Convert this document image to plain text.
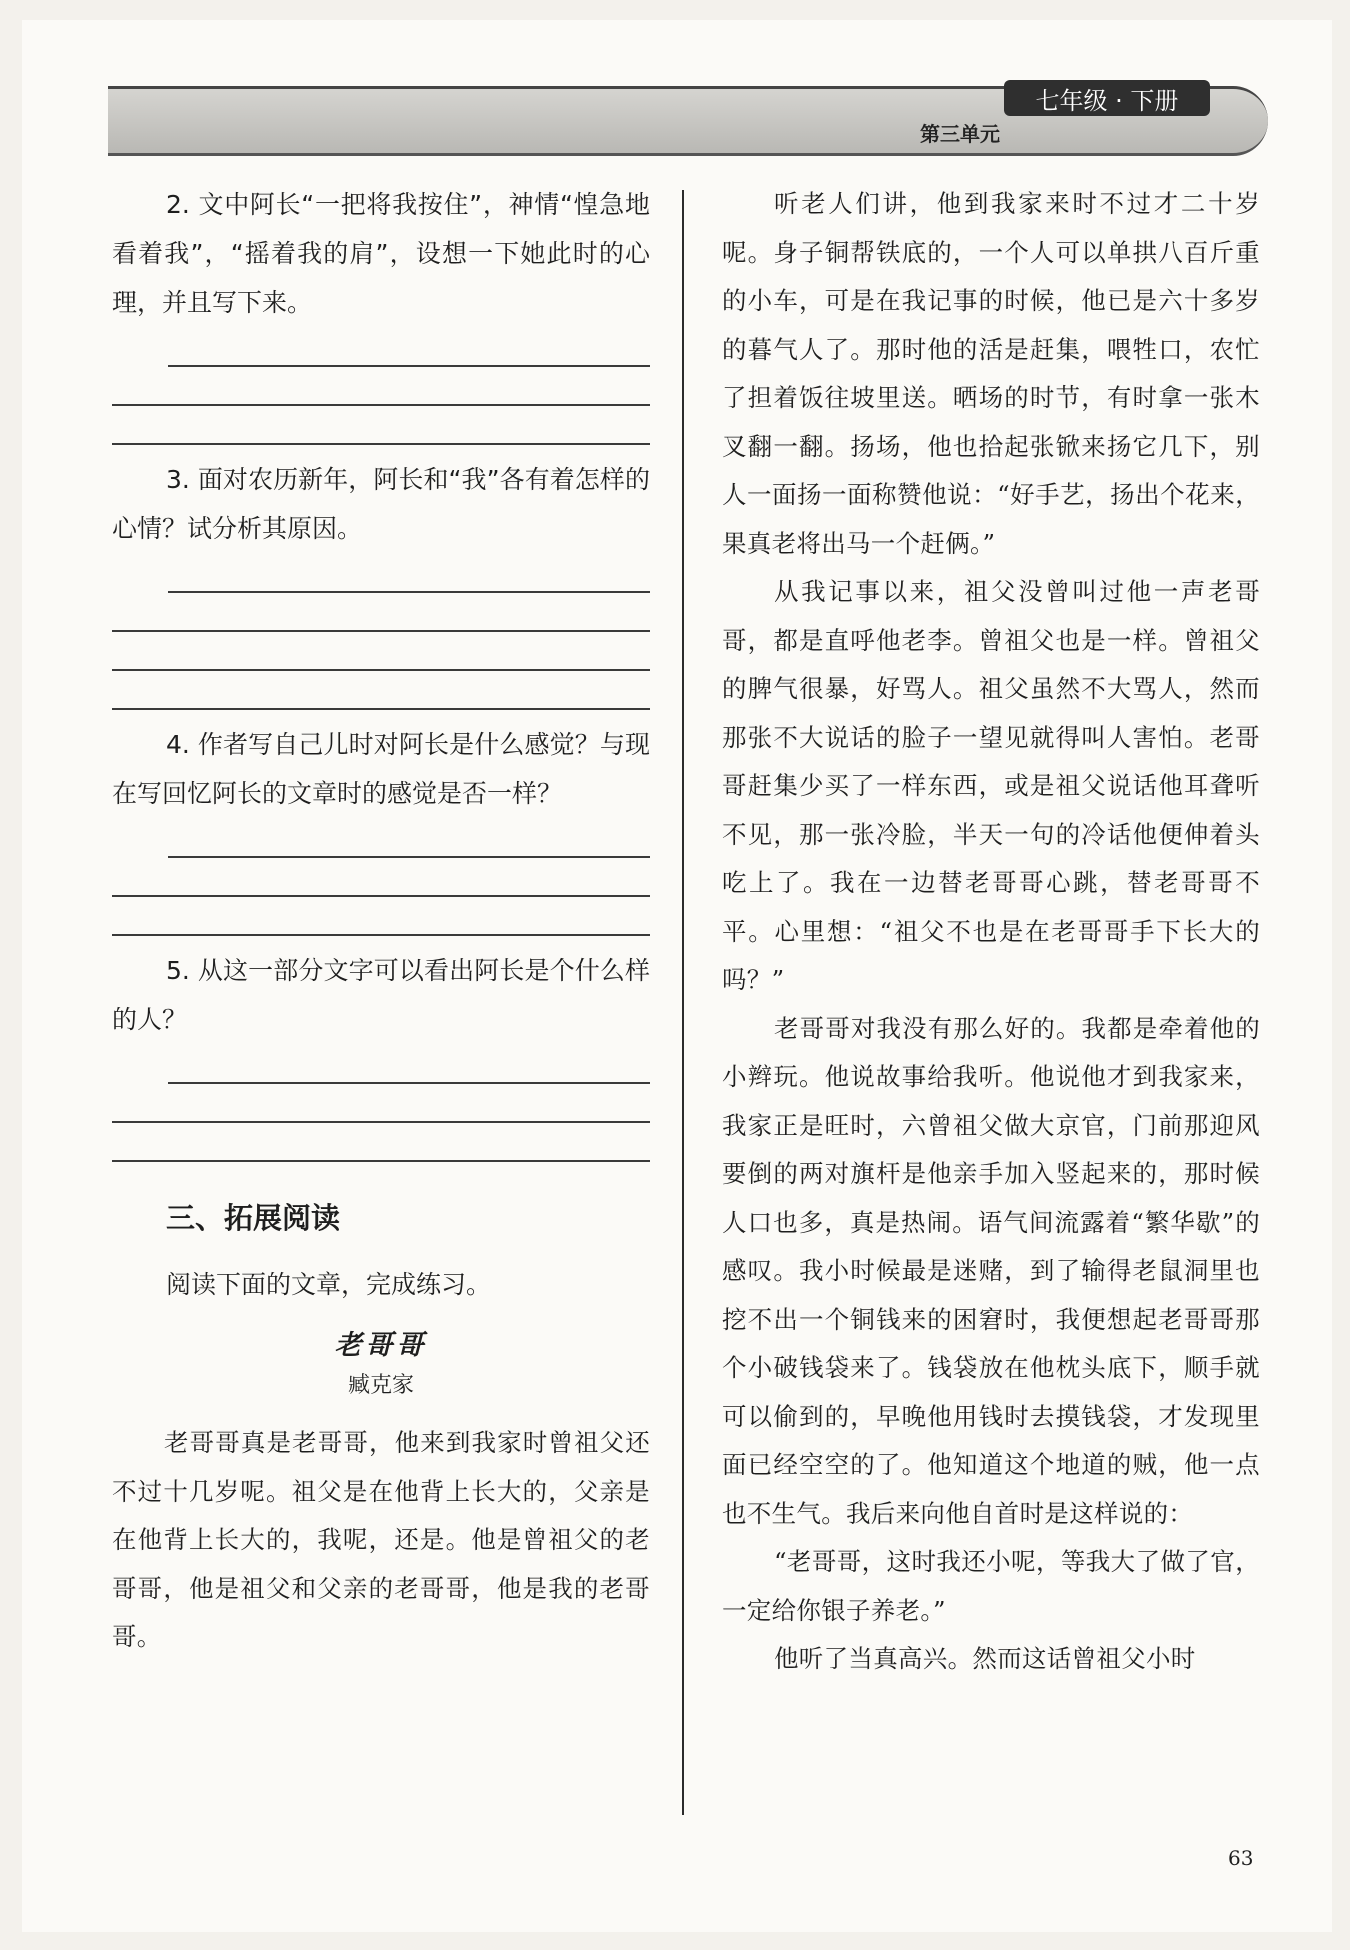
七年级 · 下册
第三单元

2. 文中阿长“一把将我按住”，神情“惶急地看着我”，“摇着我的肩”，设想一下她此时的心理，并且写下来。

3. 面对农历新年，阿长和“我”各有着怎样的心情？试分析其原因。

4. 作者写自己儿时对阿长是什么感觉？与现在写回忆阿长的文章时的感觉是否一样？

5. 从这一部分文字可以看出阿长是个什么样的人？

三、拓展阅读
阅读下面的文章，完成练习。
老哥哥
臧克家

老哥哥真是老哥哥，他来到我家时曾祖父还不过十几岁呢。祖父是在他背上长大的，父亲是在他背上长大的，我呢，还是。他是曾祖父的老哥哥，他是祖父和父亲的老哥哥，他是我的老哥哥。

听老人们讲，他到我家来时不过才二十岁呢。身子铜帮铁底的，一个人可以单拱八百斤重的小车，可是在我记事的时候，他已是六十多岁的暮气人了。那时他的活是赶集，喂牲口，农忙了担着饭往坡里送。晒场的时节，有时拿一张木叉翻一翻。扬场，他也拾起张锨来扬它几下，别人一面扬一面称赞他说：“好手艺，扬出个花来，果真老将出马一个赶俩。”

从我记事以来，祖父没曾叫过他一声老哥哥，都是直呼他老李。曾祖父也是一样。曾祖父的脾气很暴，好骂人。祖父虽然不大骂人，然而那张不大说话的脸子一望见就得叫人害怕。老哥哥赶集少买了一样东西，或是祖父说话他耳聋听不见，那一张冷脸，半天一句的冷话他便伸着头吃上了。我在一边替老哥哥心跳，替老哥哥不平。心里想：“祖父不也是在老哥哥手下长大的吗？”

老哥哥对我没有那么好的。我都是牵着他的小辫玩。他说故事给我听。他说他才到我家来，我家正是旺时，六曾祖父做大京官，门前那迎风要倒的两对旗杆是他亲手加入竖起来的，那时候人口也多，真是热闹。语气间流露着“繁华歇”的感叹。我小时候最是迷赌，到了输得老鼠洞里也挖不出一个铜钱来的困窘时，我便想起老哥哥那个小破钱袋来了。钱袋放在他枕头底下，顺手就可以偷到的，早晚他用钱时去摸钱袋，才发现里面已经空空的了。他知道这个地道的贼，他一点也不生气。我后来向他自首时是这样说的：

“老哥哥，这时我还小呢，等我大了做了官，一定给你银子养老。”

他听了当真高兴。然而这话曾祖父小时

63
